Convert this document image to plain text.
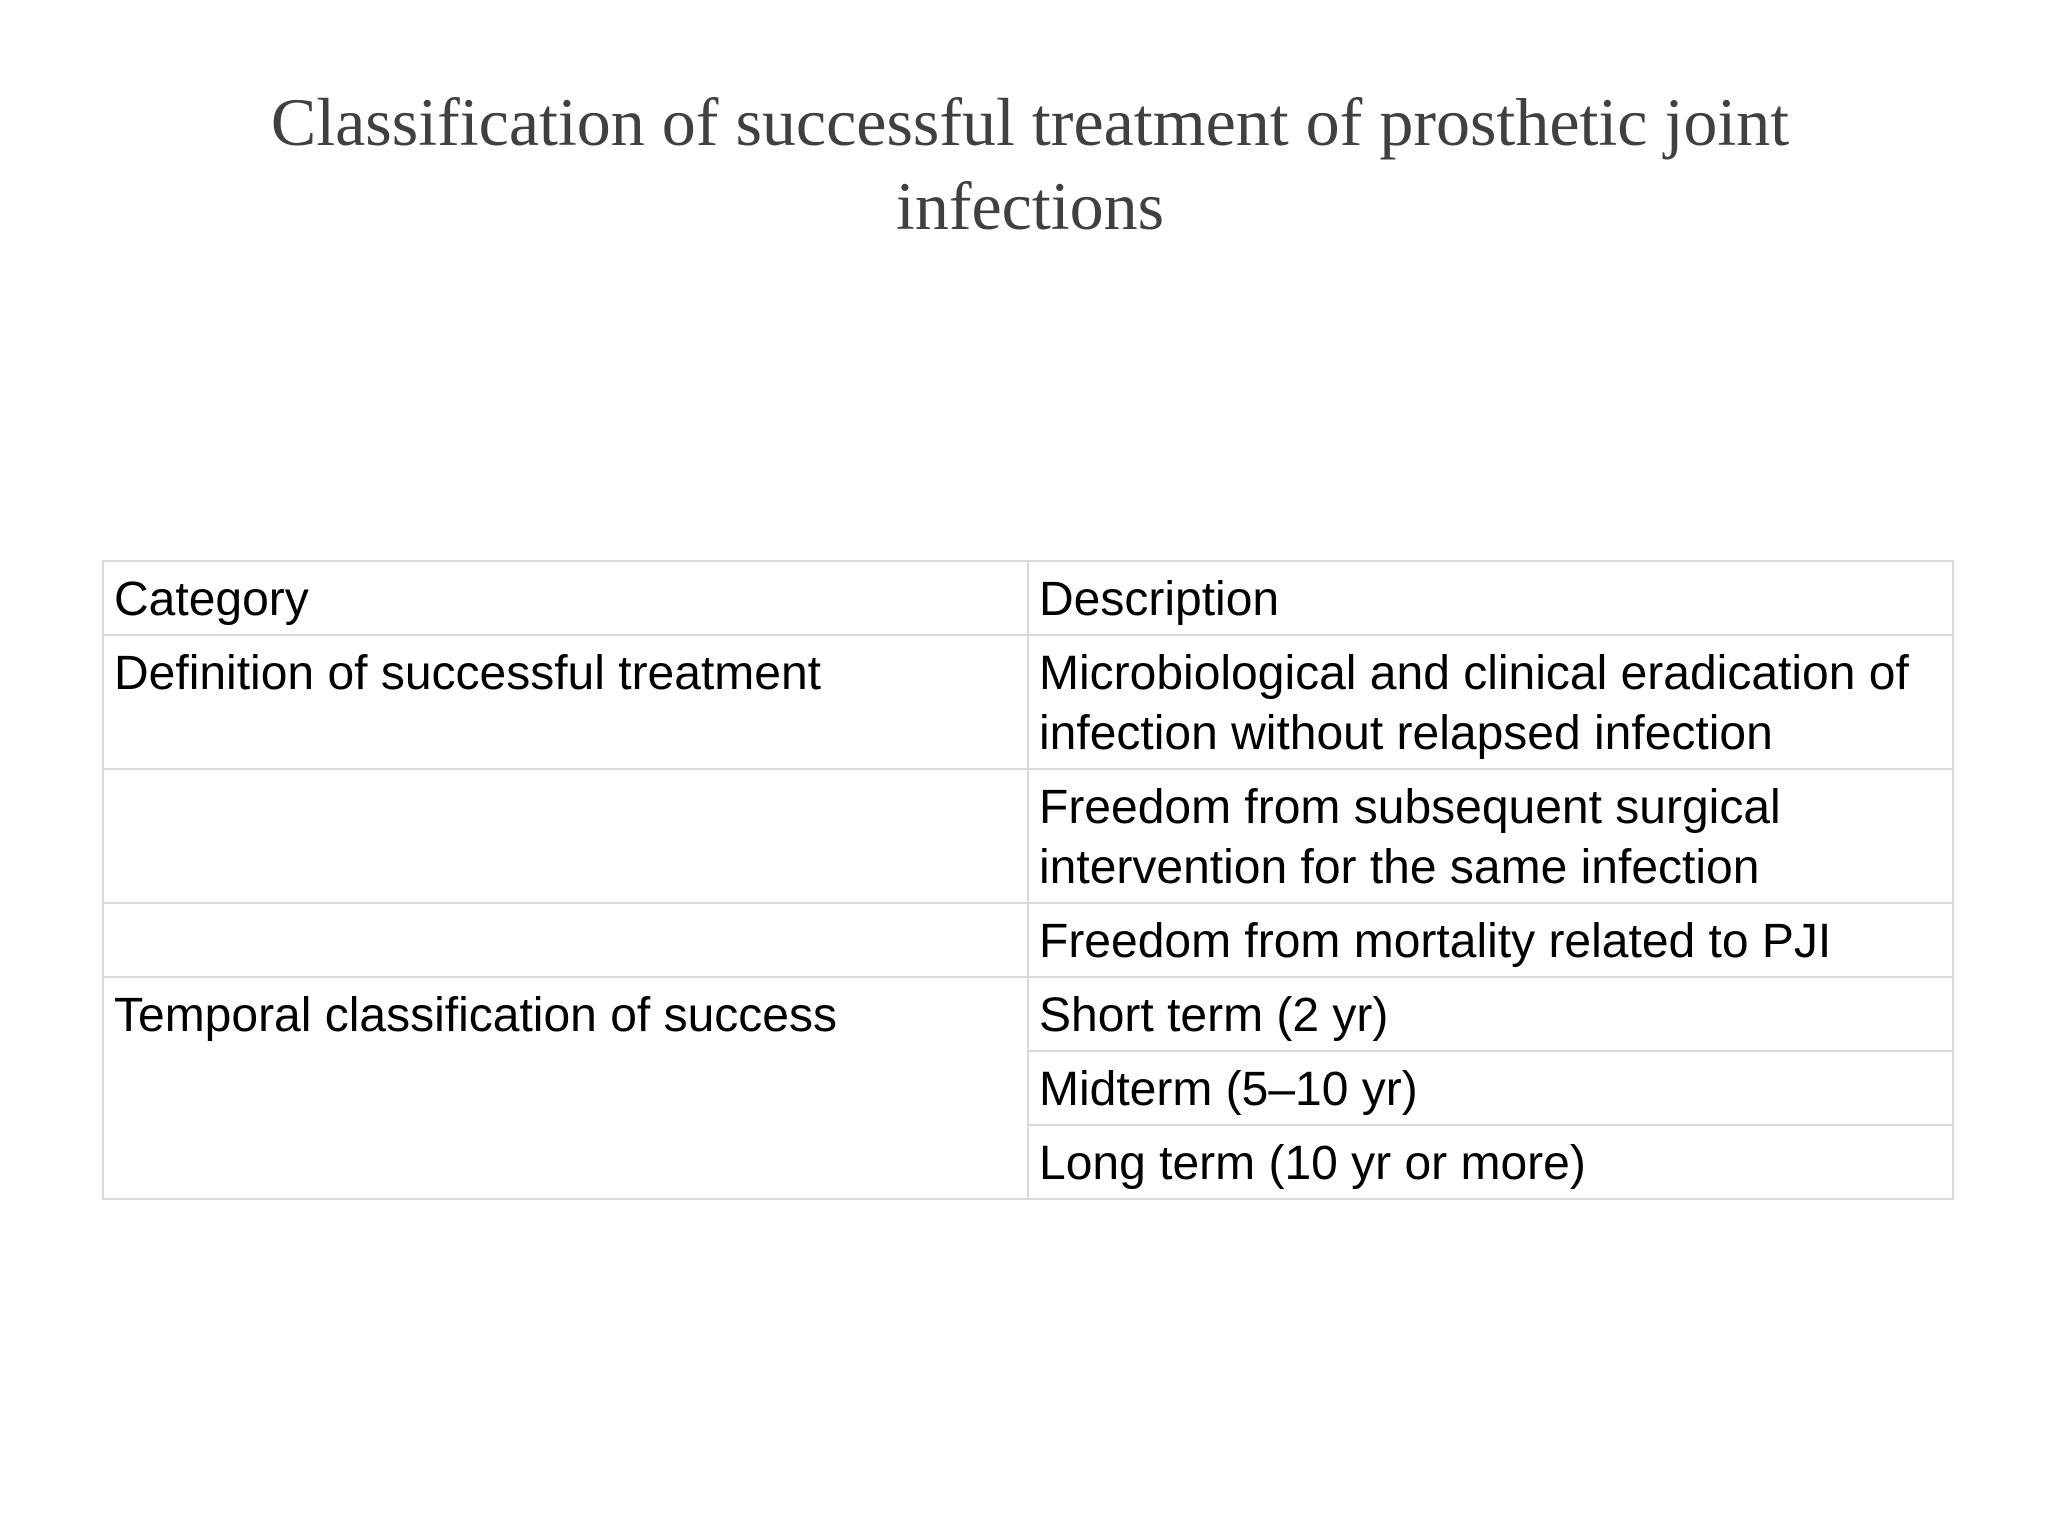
Classification of successful treatment of prosthetic joint infections
Category	Description
Definition of successful treatment	Microbiological and clinical eradication of infection without relapsed infection
	Freedom from subsequent surgical intervention for the same infection
	Freedom from mortality related to PJI
Temporal classification of success	Short term (2 yr)
	Midterm (5–10 yr)
	Long term (10 yr or more)
